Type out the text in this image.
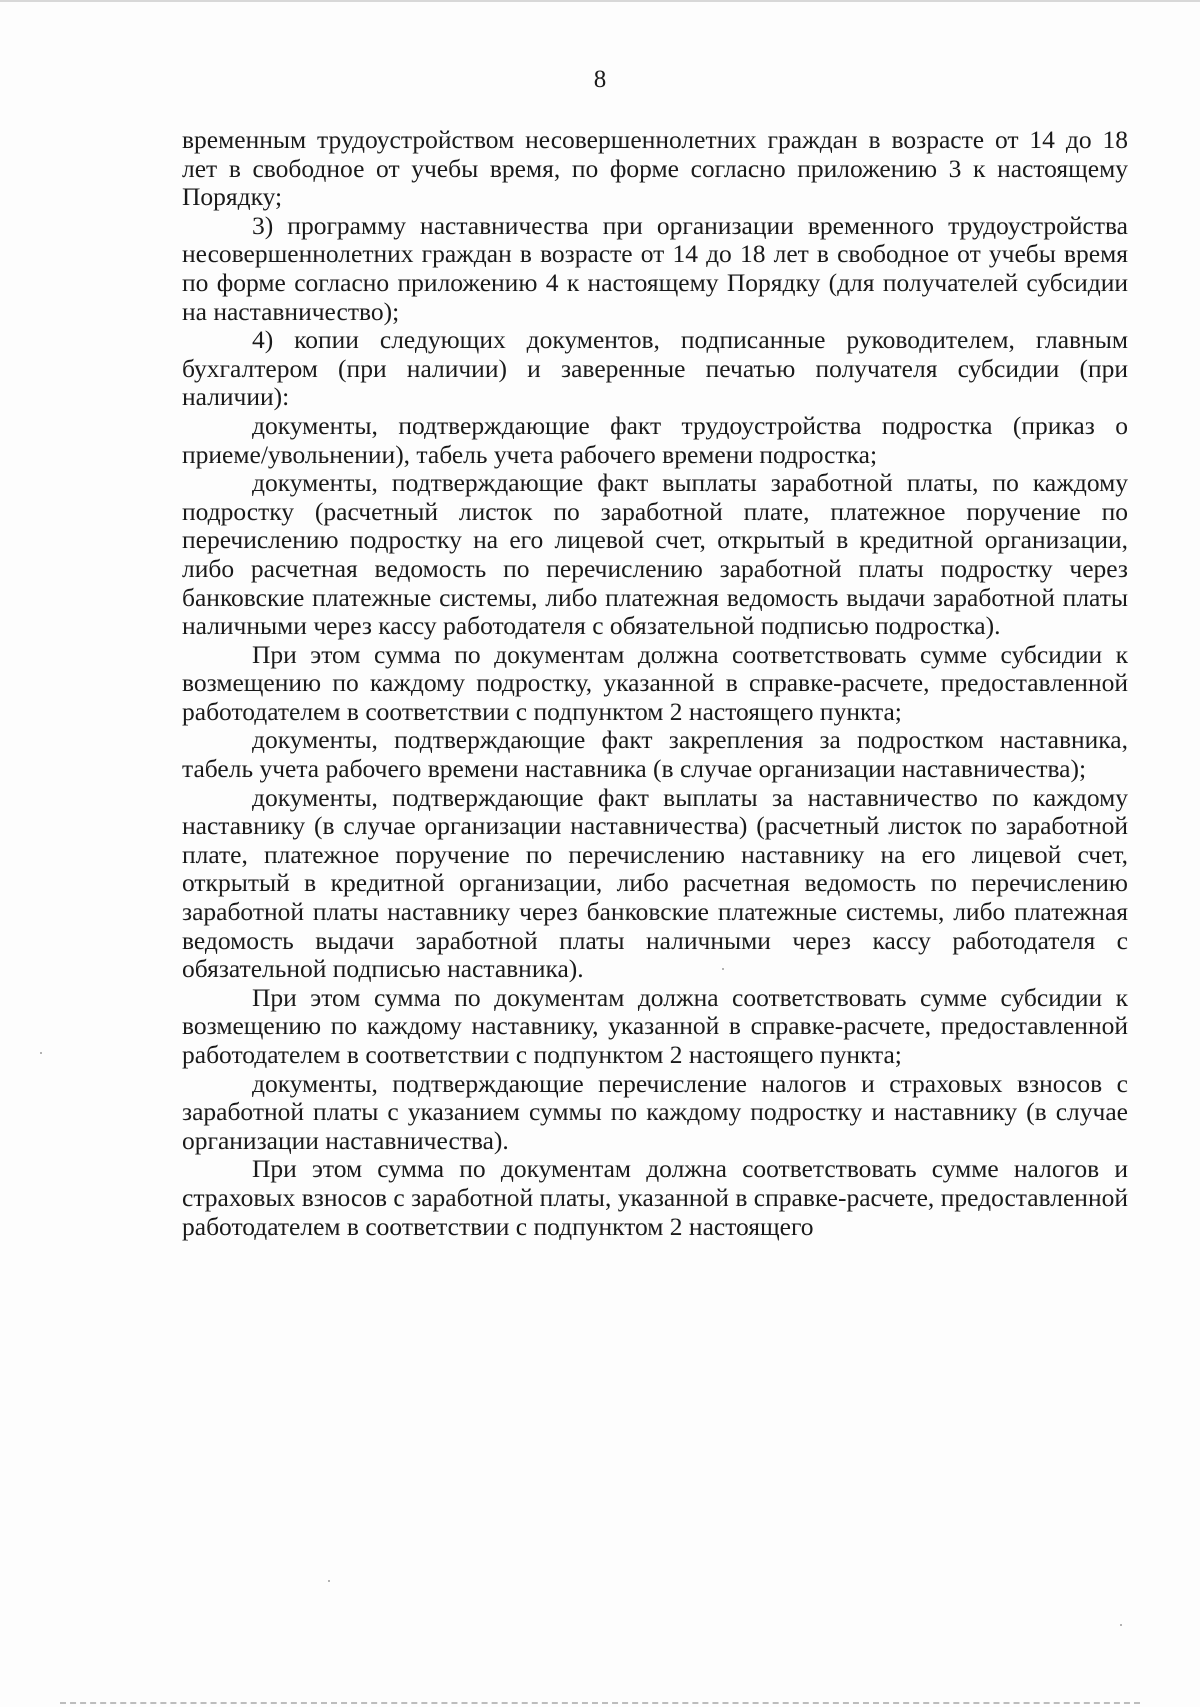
8

временным трудоустройством несовершеннолетних граждан в возрасте от 14 до 18 лет в свободное от учебы время, по форме согласно приложению 3 к настоящему Порядку;

3) программу наставничества при организации временного трудоустройства несовершеннолетних граждан в возрасте от 14 до 18 лет в свободное от учебы время по форме согласно приложению 4 к настоящему Порядку (для получателей субсидии на наставничество);

4) копии следующих документов, подписанные руководителем, главным бухгалтером (при наличии) и заверенные печатью получателя субсидии (при наличии):

документы, подтверждающие факт трудоустройства подростка (приказ о приеме/увольнении), табель учета рабочего времени подростка;

документы, подтверждающие факт выплаты заработной платы, по каждому подростку (расчетный листок по заработной плате, платежное поручение по перечислению подростку на его лицевой счет, открытый в кредитной организации, либо расчетная ведомость по перечислению заработной платы подростку через банковские платежные системы, либо платежная ведомость выдачи заработной платы наличными через кассу работодателя с обязательной подписью подростка).

При этом сумма по документам должна соответствовать сумме субсидии к возмещению по каждому подростку, указанной в справке-расчете, предоставленной работодателем в соответствии с подпунктом 2 настоящего пункта;

документы, подтверждающие факт закрепления за подростком наставника, табель учета рабочего времени наставника (в случае организации наставничества);

документы, подтверждающие факт выплаты за наставничество по каждому наставнику (в случае организации наставничества) (расчетный листок по заработной плате, платежное поручение по перечислению наставнику на его лицевой счет, открытый в кредитной организации, либо расчетная ведомость по перечислению заработной платы наставнику через банковские платежные системы, либо платежная ведомость выдачи заработной платы наличными через кассу работодателя с обязательной подписью наставника).

При этом сумма по документам должна соответствовать сумме субсидии к возмещению по каждому наставнику, указанной в справке-расчете, предоставленной работодателем в соответствии с подпунктом 2 настоящего пункта;

документы, подтверждающие перечисление налогов и страховых взносов с заработной платы с указанием суммы по каждому подростку и наставнику (в случае организации наставничества).

При этом сумма по документам должна соответствовать сумме налогов и страховых взносов с заработной платы, указанной в справке-расчете, предоставленной работодателем в соответствии с подпунктом 2 настоящего
